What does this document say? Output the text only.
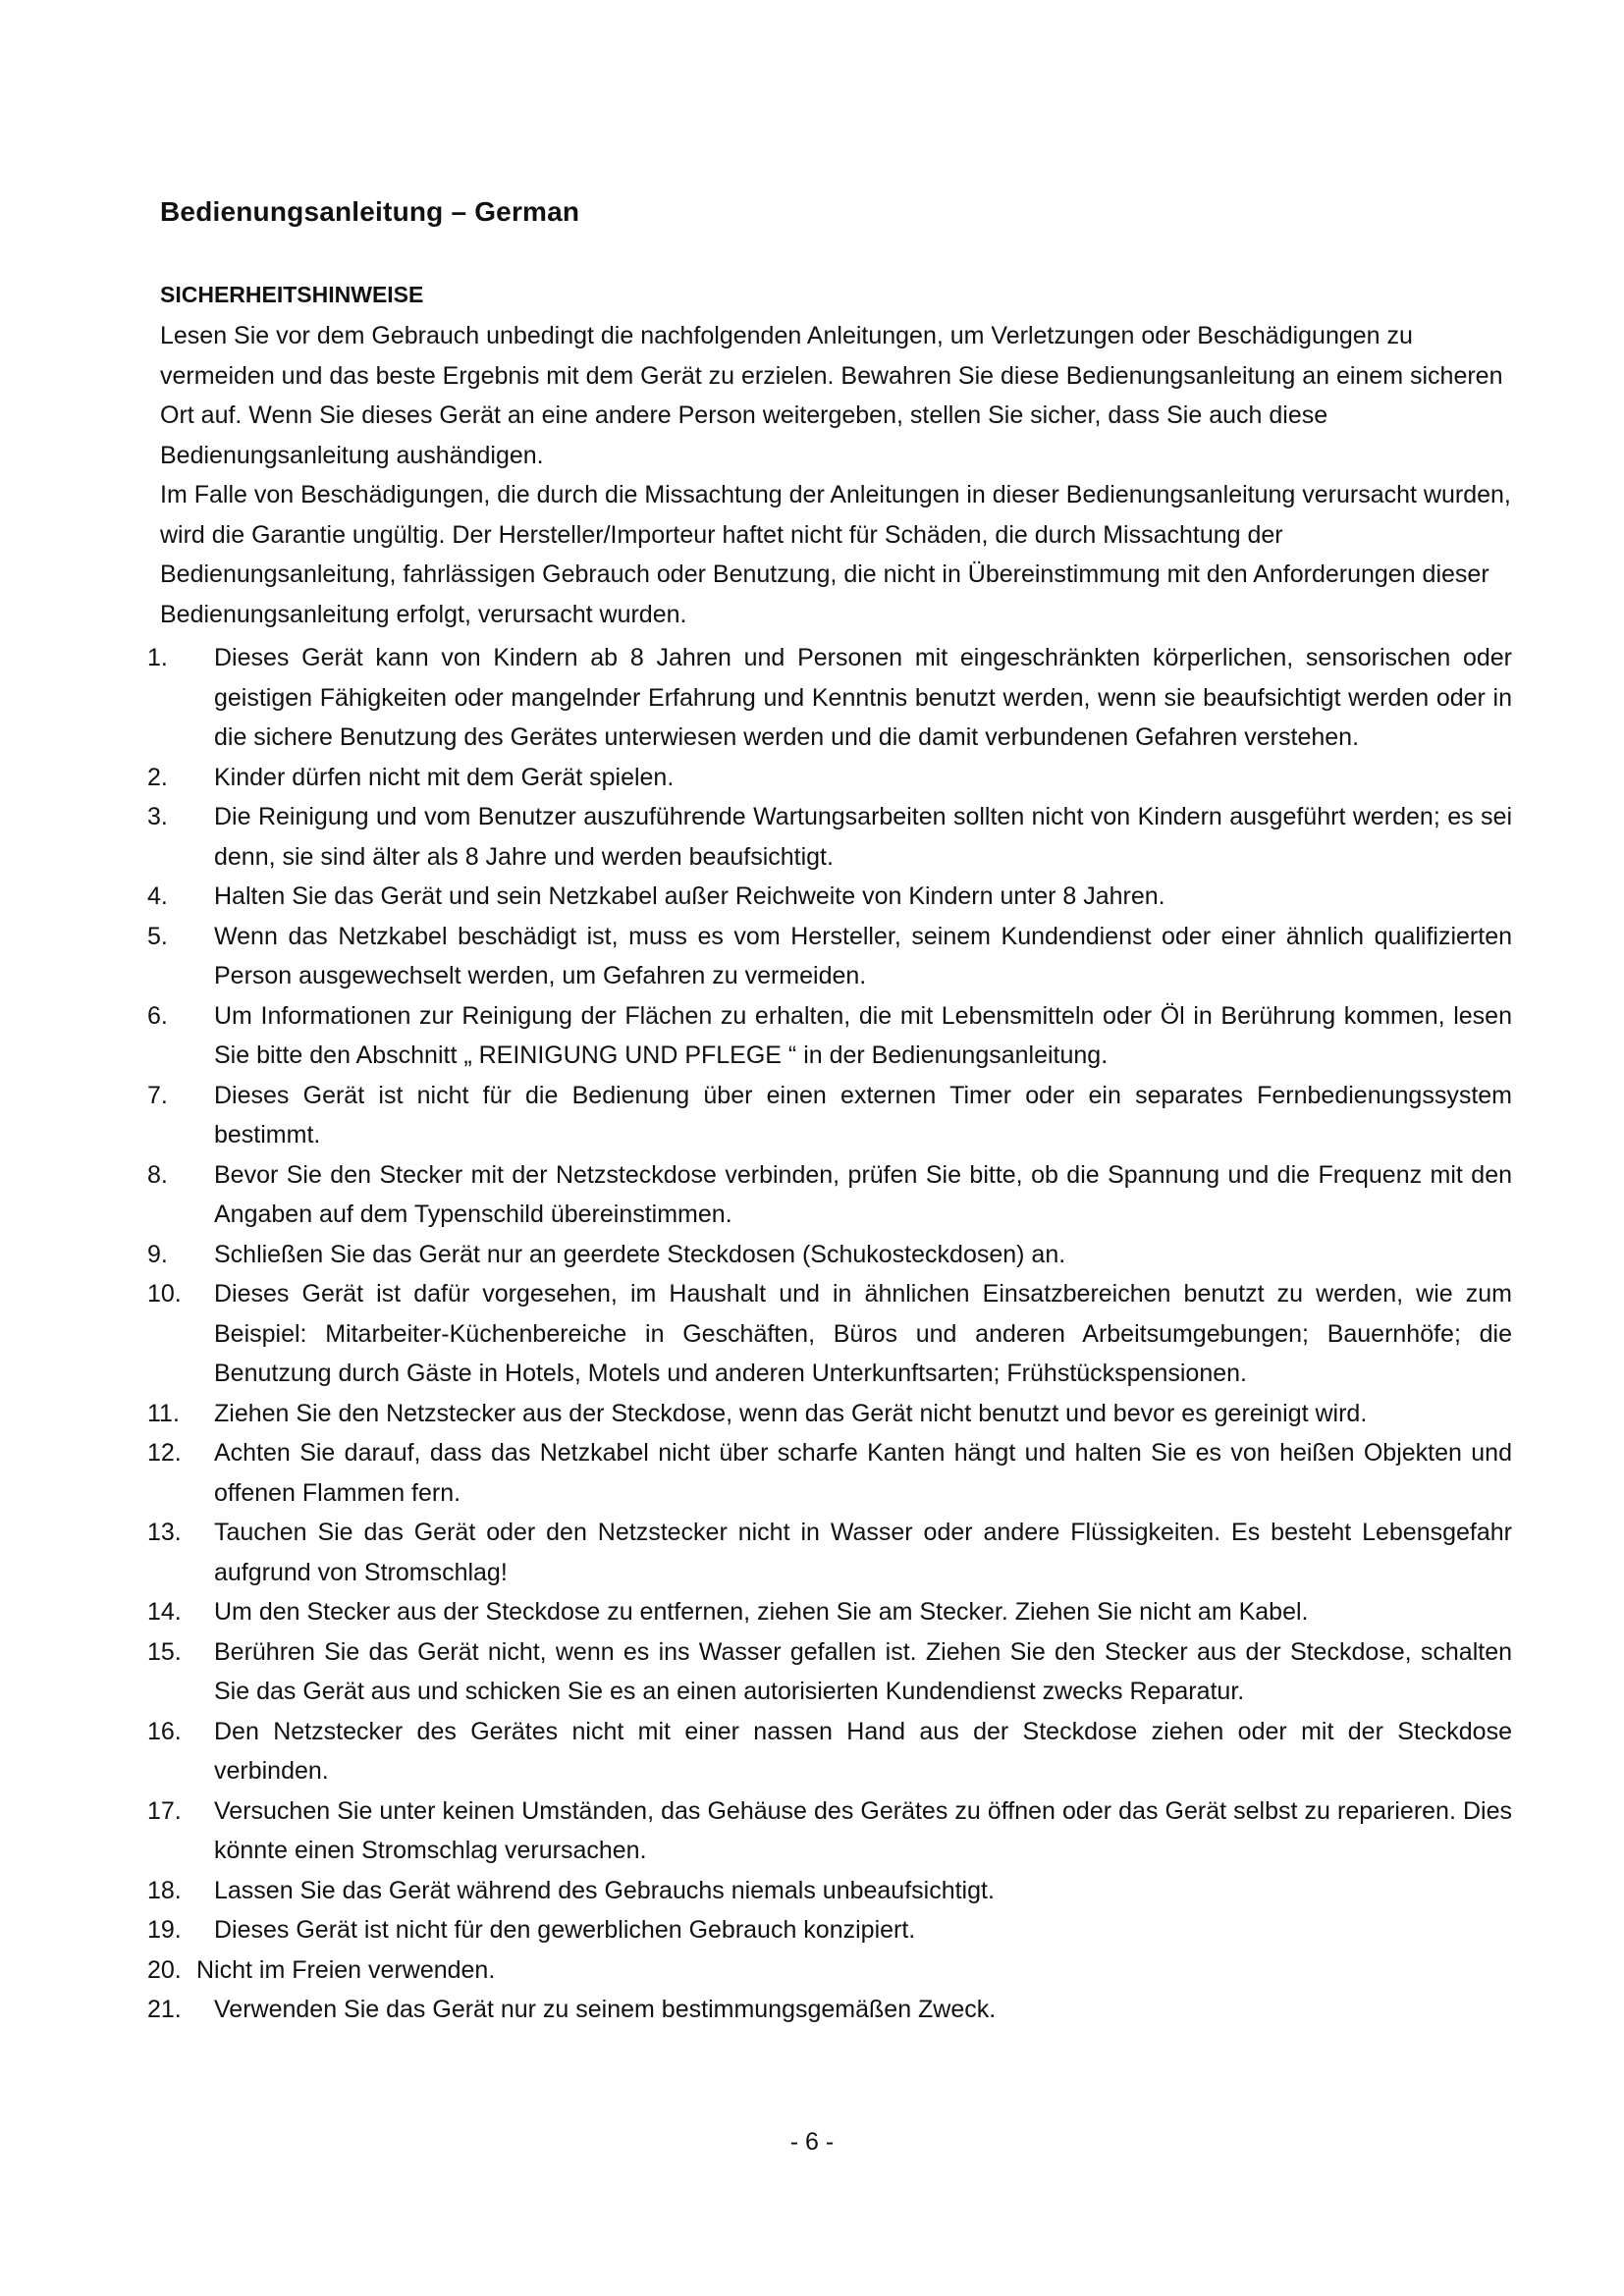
Bedienungsanleitung – German
SICHERHEITSHINWEISE

Lesen Sie vor dem Gebrauch unbedingt die nachfolgenden Anleitungen, um Verletzungen oder Beschädigungen zu vermeiden und das beste Ergebnis mit dem Gerät zu erzielen. Bewahren Sie diese Bedienungsanleitung an einem sicheren Ort auf. Wenn Sie dieses Gerät an eine andere Person weitergeben, stellen Sie sicher, dass Sie auch diese Bedienungsanleitung aushändigen.

Im Falle von Beschädigungen, die durch die Missachtung der Anleitungen in dieser Bedienungsanleitung verursacht wurden, wird die Garantie ungültig. Der Hersteller/Importeur haftet nicht für Schäden, die durch Missachtung der Bedienungsanleitung, fahrlässigen Gebrauch oder Benutzung, die nicht in Übereinstimmung mit den Anforderungen dieser Bedienungsanleitung erfolgt, verursacht wurden.

1. Dieses Gerät kann von Kindern ab 8 Jahren und Personen mit eingeschränkten körperlichen, sensorischen oder geistigen Fähigkeiten oder mangelnder Erfahrung und Kenntnis benutzt werden, wenn sie beaufsichtigt werden oder in die sichere Benutzung des Gerätes unterwiesen werden und die damit verbundenen Gefahren verstehen.
2. Kinder dürfen nicht mit dem Gerät spielen.
3. Die Reinigung und vom Benutzer auszuführende Wartungsarbeiten sollten nicht von Kindern ausgeführt werden; es sei denn, sie sind älter als 8 Jahre und werden beaufsichtigt.
4. Halten Sie das Gerät und sein Netzkabel außer Reichweite von Kindern unter 8 Jahren.
5. Wenn das Netzkabel beschädigt ist, muss es vom Hersteller, seinem Kundendienst oder einer ähnlich qualifizierten Person ausgewechselt werden, um Gefahren zu vermeiden.
6. Um Informationen zur Reinigung der Flächen zu erhalten, die mit Lebensmitteln oder Öl in Berührung kommen, lesen Sie bitte den Abschnitt „ REINIGUNG UND PFLEGE “ in der Bedienungsanleitung.
7. Dieses Gerät ist nicht für die Bedienung über einen externen Timer oder ein separates Fernbedienungssystem bestimmt.
8. Bevor Sie den Stecker mit der Netzsteckdose verbinden, prüfen Sie bitte, ob die Spannung und die Frequenz mit den Angaben auf dem Typenschild übereinstimmen.
9. Schließen Sie das Gerät nur an geerdete Steckdosen (Schukosteckdosen) an.
10. Dieses Gerät ist dafür vorgesehen, im Haushalt und in ähnlichen Einsatzbereichen benutzt zu werden, wie zum Beispiel: Mitarbeiter-Küchenbereiche in Geschäften, Büros und anderen Arbeitsumgebungen; Bauernhöfe; die Benutzung durch Gäste in Hotels, Motels und anderen Unterkunftsarten; Frühstückspensionen.
11. Ziehen Sie den Netzstecker aus der Steckdose, wenn das Gerät nicht benutzt und bevor es gereinigt wird.
12. Achten Sie darauf, dass das Netzkabel nicht über scharfe Kanten hängt und halten Sie es von heißen Objekten und offenen Flammen fern.
13. Tauchen Sie das Gerät oder den Netzstecker nicht in Wasser oder andere Flüssigkeiten. Es besteht Lebensgefahr aufgrund von Stromschlag!
14. Um den Stecker aus der Steckdose zu entfernen, ziehen Sie am Stecker. Ziehen Sie nicht am Kabel.
15. Berühren Sie das Gerät nicht, wenn es ins Wasser gefallen ist. Ziehen Sie den Stecker aus der Steckdose, schalten Sie das Gerät aus und schicken Sie es an einen autorisierten Kundendienst zwecks Reparatur.
16. Den Netzstecker des Gerätes nicht mit einer nassen Hand aus der Steckdose ziehen oder mit der Steckdose verbinden.
17. Versuchen Sie unter keinen Umständen, das Gehäuse des Gerätes zu öffnen oder das Gerät selbst zu reparieren. Dies könnte einen Stromschlag verursachen.
18. Lassen Sie das Gerät während des Gebrauchs niemals unbeaufsichtigt.
19. Dieses Gerät ist nicht für den gewerblichen Gebrauch konzipiert.
20. Nicht im Freien verwenden.
21. Verwenden Sie das Gerät nur zu seinem bestimmungsgemäßen Zweck.
- 6 -
